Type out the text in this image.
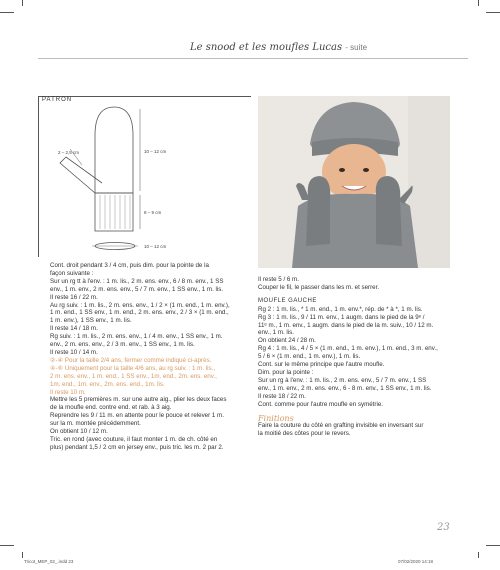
Le snood et les moufles Lucas - suite
PATRON
10 – 12 cm
2 – 2,5 cm
8 – 9 cm
10 – 12 cm
Cont. droit pendant 3 / 4 cm, puis dim. pour la pointe de la
façon suivante :
Sur un rg tt à l'env. : 1 m. lis., 2 m. ens. env., 6 / 8 m. env., 1 SS
env., 1 m. env., 2 m. ens. env., 5 / 7 m. env., 1 SS env., 1 m. lis.
Il reste 16 / 22 m.
Au rg suiv. : 1 m. lis., 2 m. ens. env., 1 / 2 × (1 m. end., 1 m. env.),
1 m. end., 1 SS env., 1 m. end., 2 m. ens. env., 2 / 3 × (1 m. end.,
1 m. env.), 1 SS env., 1 m. lis.
Il reste 14 / 18 m.
Rg suiv. : 1 m. lis., 2 m. ens. env., 1 / 4 m. env., 1 SS env., 1 m.
env., 2 m. ens. env., 2 / 3 m. env., 1 SS env., 1 m. lis.
Il reste 10 / 14 m.
②-④ Pour la taille 2/4 ans, fermer comme indiqué ci-après.
④-⑥ Uniquement pour la taille 4/6 ans, au rg suiv. : 1 m. lis.,
2 m. ens. env., 1 m. end., 1 SS env., 1m. end., 2m. ens. env.,
1m. end., 1m. env., 2m. ens. end., 1m. lis.
Il reste 10 m.
Mettre les 5 premières m. sur une autre aig., plier les deux faces
de la moufle end. contre end. et rab. à 3 aig.
Reprendre les 9 / 11 m. en attente pour le pouce et relever 1 m.
sur la m. montée précédemment.
On obtient 10 / 12 m.
Tric. en rond (avec couture, il faut monter 1 m. de ch. côté en
plus) pendant 1,5 / 2 cm en jersey env., puis tric. les m. 2 par 2.
Il reste 5 / 6 m.
Couper le fil, le passer dans les m. et serrer.
MOUFLE GAUCHE
Rg 2 : 1 m. lis., * 1 m. end., 1 m. env.*, rép. de * à *, 1 m. lis.
Rg 3 : 1 m. lis., 9 / 11 m. env., 1 augm. dans le pied de la 9ᵉ /
11ᵉ m., 1 m. env., 1 augm. dans le pied de la m. suiv., 10 / 12 m.
env., 1 m. lis.
On obtient 24 / 28 m.
Rg 4 : 1 m. lis., 4 / 5 × (1 m. end., 1 m. env.), 1 m. end., 3 m. env.,
5 / 6 × (1 m. end., 1 m. env.), 1 m. lis.
Cont. sur le même principe que l'autre moufle.
Dim. pour la pointe :
Sur un rg à l'env. : 1 m. lis., 2 m. ens. env., 5 / 7 m. env., 1 SS
env., 1 m. env., 2 m. ens. env., 6 - 8 m. env., 1 SS env., 1 m. lis.
Il reste 18 / 22 m.
Cont. comme pour l'autre moufle en symétrie.
Finitions
Faire la couture du côté en grafting invisible en inversant sur
la moitié des côtes pour le revers.
23
Tricot_MEP_02_.indd 23	07/02/2020 14:18
